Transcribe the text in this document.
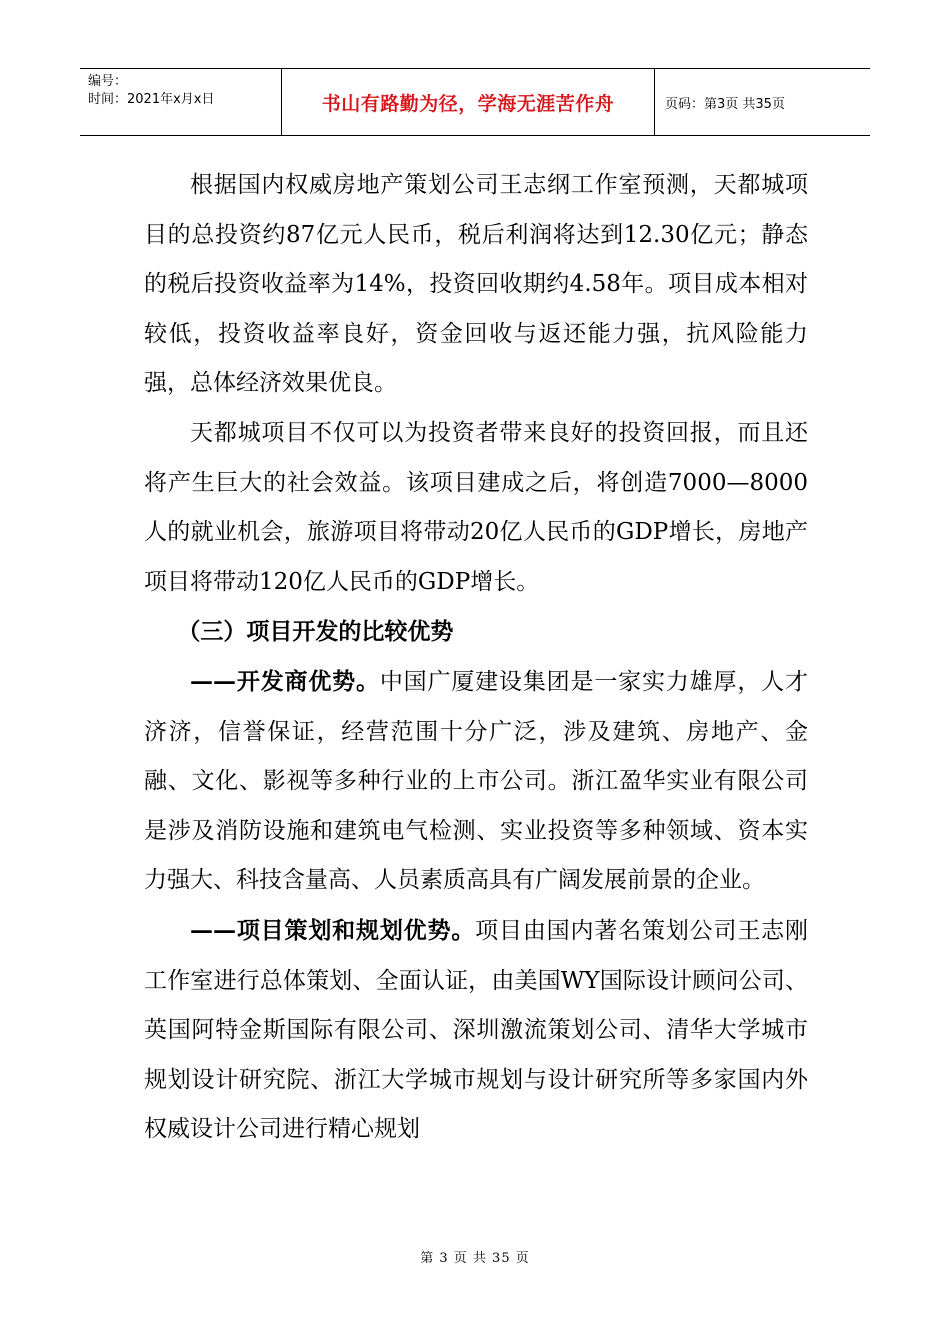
编号：
时间：2021年x月x日	书山有路勤为径，学海无涯苦作舟	页码：第3页 共35页

根据国内权威房地产策划公司王志纲工作室预测，天都城项目的总投资约87亿元人民币，税后利润将达到12.30亿元；静态的税后投资收益率为14%，投资回收期约4.58年。项目成本相对较低，投资收益率良好，资金回收与返还能力强，抗风险能力强，总体经济效果优良。

天都城项目不仅可以为投资者带来良好的投资回报，而且还将产生巨大的社会效益。该项目建成之后，将创造7000—8000人的就业机会，旅游项目将带动20亿人民币的GDP增长，房地产项目将带动120亿人民币的GDP增长。

（三）项目开发的比较优势

——开发商优势。中国广厦建设集团是一家实力雄厚，人才济济，信誉保证，经营范围十分广泛，涉及建筑、房地产、金融、文化、影视等多种行业的上市公司。浙江盈华实业有限公司是涉及消防设施和建筑电气检测、实业投资等多种领域、资本实力强大、科技含量高、人员素质高具有广阔发展前景的企业。

——项目策划和规划优势。项目由国内著名策划公司王志刚工作室进行总体策划、全面认证，由美国WY国际设计顾问公司、英国阿特金斯国际有限公司、深圳激流策划公司、清华大学城市规划设计研究院、浙江大学城市规划与设计研究所等多家国内外权威设计公司进行精心规划

第 3 页 共 35 页
